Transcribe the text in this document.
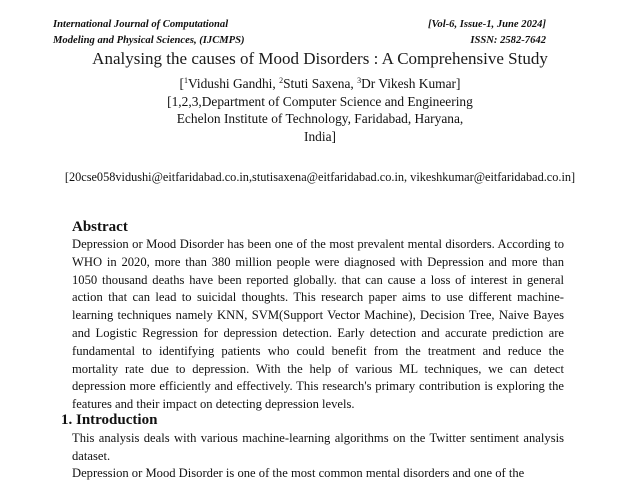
International Journal of Computational
Modeling and Physical Sciences, (IJCMPS)
[Vol-6, Issue-1, June 2024]
ISSN: 2582-7642
Analysing the causes of Mood Disorders : A Comprehensive Study
[$^1$Vidushi Gandhi, $^2$Stuti Saxena, $^3$Dr Vikesh Kumar]
[1,2,3,Department of Computer Science and Engineering
Echelon Institute of Technology, Faridabad, Haryana,
India]
[20cse058vidushi@eitfaridabad.co.in,stutisaxena@eitfaridabad.co.in, vikeshkumar@eitfaridabad.co.in]
Abstract

Depression or Mood Disorder has been one of the most prevalent mental disorders. According to WHO in 2020, more than 380 million people were diagnosed with Depression and more than 1050 thousand deaths have been reported globally. that can cause a loss of interest in general action that can lead to suicidal thoughts. This research paper aims to use different machine-learning techniques namely KNN, SVM(Support Vector Machine), Decision Tree, Naive Bayes and Logistic Regression for depression detection. Early detection and accurate prediction are fundamental to identifying patients who could benefit from the treatment and reduce the mortality rate due to depression. With the help of various ML techniques, we can detect depression more efficiently and effectively. This research's primary contribution is exploring the features and their impact on detecting depression levels.

1. Introduction

This analysis deals with various machine-learning algorithms on the Twitter sentiment analysis dataset.

Depression or Mood Disorder is one of the most common mental disorders and one of the
